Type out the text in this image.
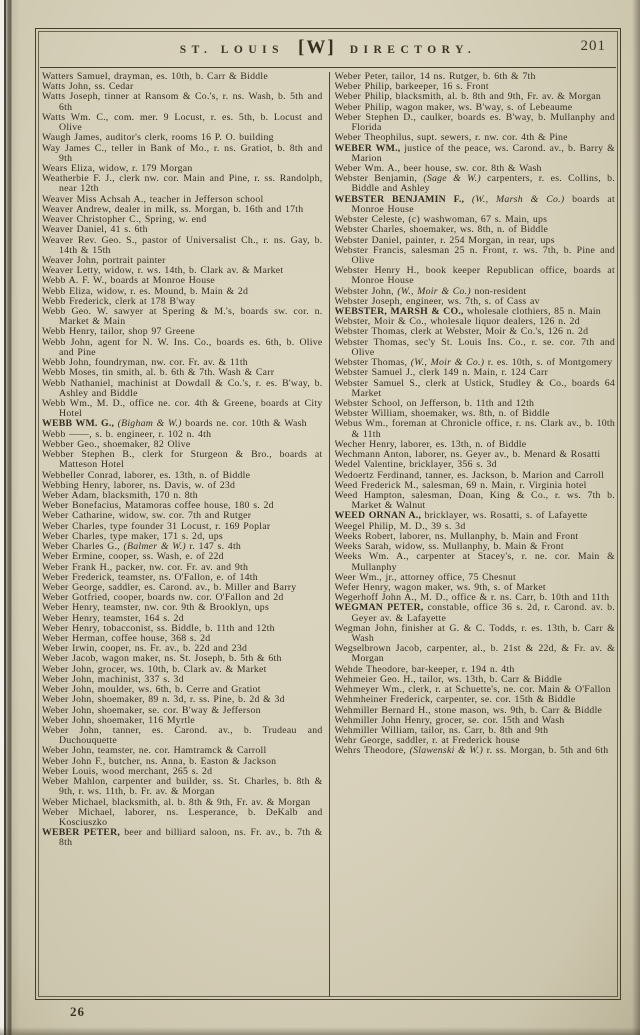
ST. LOUIS [W] DIRECTORY.	201
Watters Samuel, drayman, es. 10th, b. Carr & Biddle
Watts John, ss. Cedar
Watts Joseph, tinner at Ransom & Co.'s, r. ns. Wash, b. 5th and 6th
Watts Wm. C., com. mer. 9 Locust, r. es. 5th, b. Locust and Olive
Waugh James, auditor's clerk, rooms 16 P. O. building
Way James C., teller in Bank of Mo., r. ns. Gratiot, b. 8th and 9th
Wears Eliza, widow, r. 179 Morgan
Weatherbie F. J., clerk nw. cor. Main and Pine, r. ss. Randolph, near 12th
Weaver Miss Achsah A., teacher in Jefferson school
Weaver Andrew, dealer in milk, ss. Morgan, b. 16th and 17th
Weaver Christopher C., Spring, w. end
Weaver Daniel, 41 s. 6th
Weaver Rev. Geo. S., pastor of Universalist Ch., r. ns. Gay, b. 14th & 15th
Weaver John, portrait painter
Weaver Letty, widow, r. ws. 14th, b. Clark av. & Market
Webb A. F. W., boards at Monroe House
Webb Eliza, widow, r. es. Mound, b. Main & 2d
Webb Frederick, clerk at 178 B'way
Webb Geo. W. sawyer at Spering & M.'s, boards sw. cor. n. Market & Main
Webb Henry, tailor, shop 97 Greene
Webb John, agent for N. W. Ins. Co., boards es. 6th, b. Olive and Pine
Webb John, foundryman, nw. cor. Fr. av. & 11th
Webb Moses, tin smith, al. b. 6th & 7th. Wash & Carr
Webb Nathaniel, machinist at Dowdall & Co.'s, r. es. B'way, b. Ashley and Biddle
Webb Wm., M. D., office ne. cor. 4th & Greene, boards at City Hotel
WEBB WM. G., (Bigham & W.) boards ne. cor. 10th & Wash
Webb ——, s. b. engineer, r. 102 n. 4th
Webber Geo., shoemaker, 82 Olive
Webber Stephen B., clerk for Sturgeon & Bro., boards at Matteson Hotel
Webbeller Conrad, laborer, es. 13th, n. of Biddle
Webbing Henry, laborer, ns. Davis, w. of 23d
Weber Adam, blacksmith, 170 n. 8th
Weber Bonefacius, Matamoras coffee house, 180 s. 2d
Weber Catharine, widow, sw. cor. 7th and Rutger
Weber Charles, type founder 31 Locust, r. 169 Poplar
Weber Charles, type maker, 171 s. 2d, ups
Weber Charles G., (Balmer & W.) r. 147 s. 4th
Weber Ermine, cooper, ss. Wash, e. of 22d
Weber Frank H., packer, nw. cor. Fr. av. and 9th
Weber Frederick, teamster, ns. O'Fallon, e. of 14th
Weber George, saddler, es. Carond. av., b. Miller and Barry
Weber Gotfried, cooper, boards nw. cor. O'Fallon and 2d
Weber Henry, teamster, nw. cor. 9th & Brooklyn, ups
Weber Henry, teamster, 164 s. 2d
Weber Henry, tobacconist, ss. Biddle, b. 11th and 12th
Weber Herman, coffee house, 368 s. 2d
Weber Irwin, cooper, ns. Fr. av., b. 22d and 23d
Weber Jacob, wagon maker, ns. St. Joseph, b. 5th & 6th
Weber John, grocer, ws. 10th, b. Clark av. & Market
Weber John, machinist, 337 s. 3d
Weber John, moulder, ws. 6th, b. Cerre and Gratiot
Weber John, shoemaker, 89 n. 3d, r. ss. Pine, b. 2d & 3d
Weber John, shoemaker, se. cor. B'way & Jefferson
Weber John, shoemaker, 116 Myrtle
Weber John, tanner, es. Carond. av., b. Trudeau and Duchouquette
Weber John, teamster, ne. cor. Hamtramck & Carroll
Weber John F., butcher, ns. Anna, b. Easton & Jackson
Weber Louis, wood merchant, 265 s. 2d
Weber Mahlon, carpenter and builder, ss. St. Charles, b. 8th & 9th, r. ws. 11th, b. Fr. av. & Morgan
Weber Michael, blacksmith, al. b. 8th & 9th, Fr. av. & Morgan
Weber Michael, laborer, ns. Lesperance, b. DeKalb and Kosciuszko
WEBER PETER, beer and billiard saloon, ns. Fr. av., b. 7th & 8th
Weber Peter, tailor, 14 ns. Rutger, b. 6th & 7th
Weber Philip, barkeeper, 16 s. Front
Weber Philip, blacksmith, al. b. 8th and 9th, Fr. av. & Morgan
Weber Philip, wagon maker, ws. B'way, s. of Lebeaume
Weber Stephen D., caulker, boards es. B'way, b. Mullanphy and Florida
Weber Theophilus, supt. sewers, r. nw. cor. 4th & Pine
WEBER WM., justice of the peace, ws. Carond. av., b. Barry & Marion
Weber Wm. A., beer house, sw. cor. 8th & Wash
Webster Benjamin, (Sage & W.) carpenters, r. es. Collins, b. Biddle and Ashley
WEBSTER BENJAMIN F., (W., Marsh & Co.) boards at Monroe House
Webster Celeste, (c) washwoman, 67 s. Main, ups
Webster Charles, shoemaker, ws. 8th, n. of Biddle
Webster Daniel, painter, r. 254 Morgan, in rear, ups
Webster Francis, salesman 25 n. Front, r. ws. 7th, b. Pine and Olive
Webster Henry H., book keeper Republican office, boards at Monroe House
Webster John, (W., Moir & Co.) non-resident
Webster Joseph, engineer, ws. 7th, s. of Cass av
WEBSTER, MARSH & CO., wholesale clothiers, 85 n. Main
Webster, Moir & Co., wholesale liquor dealers, 126 n. 2d
Webster Thomas, clerk at Webster, Moir & Co.'s, 126 n. 2d
Webster Thomas, sec'y St. Louis Ins. Co., r. se. cor. 7th and Olive
Webster Thomas, (W., Moir & Co.) r. es. 10th, s. of Montgomery
Webster Samuel J., clerk 149 n. Main, r. 124 Carr
Webster Samuel S., clerk at Ustick, Studley & Co., boards 64 Market
Webster School, on Jefferson, b. 11th and 12th
Webster William, shoemaker, ws. 8th, n. of Biddle
Webus Wm., foreman at Chronicle office, r. ns. Clark av., b. 10th & 11th
Wecher Henry, laborer, es. 13th, n. of Biddle
Wechmann Anton, laborer, ns. Geyer av., b. Menard & Rosatti
Wedel Valentine, bricklayer, 356 s. 3d
Wedoertz Ferdinand, tanner, es. Jackson, b. Marion and Carroll
Weed Frederick M., salesman, 69 n. Main, r. Virginia hotel
Weed Hampton, salesman, Doan, King & Co., r. ws. 7th b. Market & Walnut
WEED ORNAN A., bricklayer, ws. Rosatti, s. of Lafayette
Weegel Philip, M. D., 39 s. 3d
Weeks Robert, laborer, ns. Mullanphy, b. Main and Front
Weeks Sarah, widow, ss. Mullanphy, b. Main & Front
Weeks Wm. A., carpenter at Stacey's, r. ne. cor. Main & Mullanphy
Weer Wm., jr., attorney office, 75 Chesnut
Wefer Henry, wagon maker, ws. 9th, s. of Market
Wegerhoff John A., M. D., office & r. ns. Carr, b. 10th and 11th
WEGMAN PETER, constable, office 36 s. 2d, r. Carond. av. b. Geyer av. & Lafayette
Wegman John, finisher at G. & C. Todds, r. es. 13th, b. Carr & Wash
Wegselbrown Jacob, carpenter, al., b. 21st & 22d, & Fr. av. & Morgan
Wehde Theodore, bar-keeper, r. 194 n. 4th
Wehmeier Geo. H., tailor, ws. 13th, b. Carr & Biddle
Wehmeyer Wm., clerk, r. at Schuette's, ne. cor. Main & O'Fallon
Wehmheiner Frederick, carpenter, se. cor. 15th & Biddle
Wehmiller Bernard H., stone mason, ws. 9th, b. Carr & Biddle
Wehmiller John Henry, grocer, se. cor. 15th and Wash
Wehmiller William, tailor, ns. Carr, b. 8th and 9th
Wehr George, saddler, r. at Frederick house
Wehrs Theodore, (Slawenski & W.) r. ss. Morgan, b. 5th and 6th
26
